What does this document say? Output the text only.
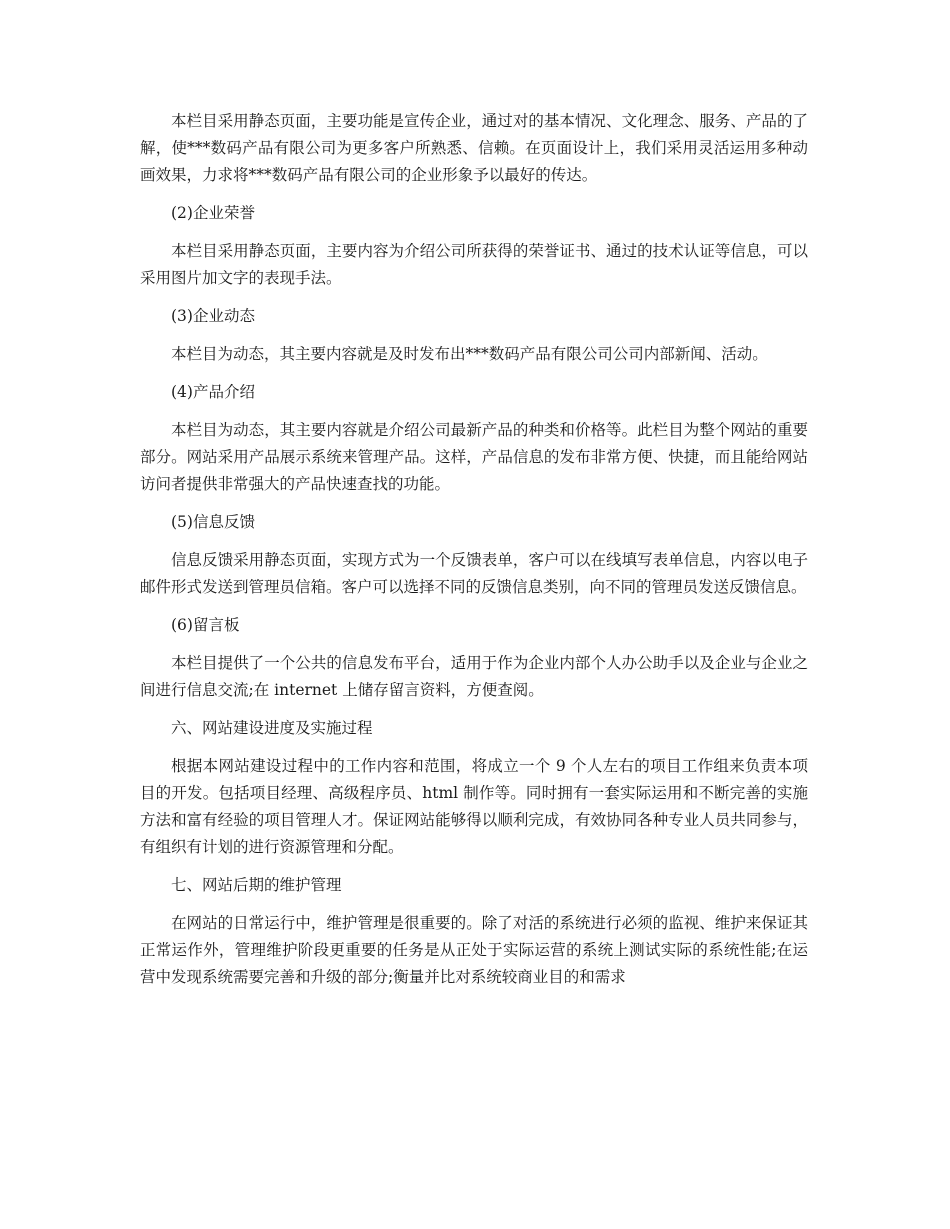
本栏目采用静态页面，主要功能是宣传企业，通过对的基本情况、文化理念、服务、产品的了解，使***数码产品有限公司为更多客户所熟悉、信赖。在页面设计上，我们采用灵活运用多种动画效果，力求将***数码产品有限公司的企业形象予以最好的传达。

(2)企业荣誉

本栏目采用静态页面，主要内容为介绍公司所获得的荣誉证书、通过的技术认证等信息，可以采用图片加文字的表现手法。

(3)企业动态

本栏目为动态，其主要内容就是及时发布出***数码产品有限公司公司内部新闻、活动。

(4)产品介绍

本栏目为动态，其主要内容就是介绍公司最新产品的种类和价格等。此栏目为整个网站的重要部分。网站采用产品展示系统来管理产品。这样，产品信息的发布非常方便、快捷，而且能给网站访问者提供非常强大的产品快速查找的功能。

(5)信息反馈

信息反馈采用静态页面，实现方式为一个反馈表单，客户可以在线填写表单信息，内容以电子邮件形式发送到管理员信箱。客户可以选择不同的反馈信息类别，向不同的管理员发送反馈信息。

(6)留言板

本栏目提供了一个公共的信息发布平台，适用于作为企业内部个人办公助手以及企业与企业之间进行信息交流;在 internet 上储存留言资料，方便查阅。

六、网站建设进度及实施过程

根据本网站建设过程中的工作内容和范围，将成立一个 9 个人左右的项目工作组来负责本项目的开发。包括项目经理、高级程序员、html 制作等。同时拥有一套实际运用和不断完善的实施方法和富有经验的项目管理人才。保证网站能够得以顺利完成，有效协同各种专业人员共同参与，有组织有计划的进行资源管理和分配。

七、网站后期的维护管理

在网站的日常运行中，维护管理是很重要的。除了对活的系统进行必须的监视、维护来保证其正常运作外，管理维护阶段更重要的任务是从正处于实际运营的系统上测试实际的系统性能;在运营中发现系统需要完善和升级的部分;衡量并比对系统较商业目的和需求
